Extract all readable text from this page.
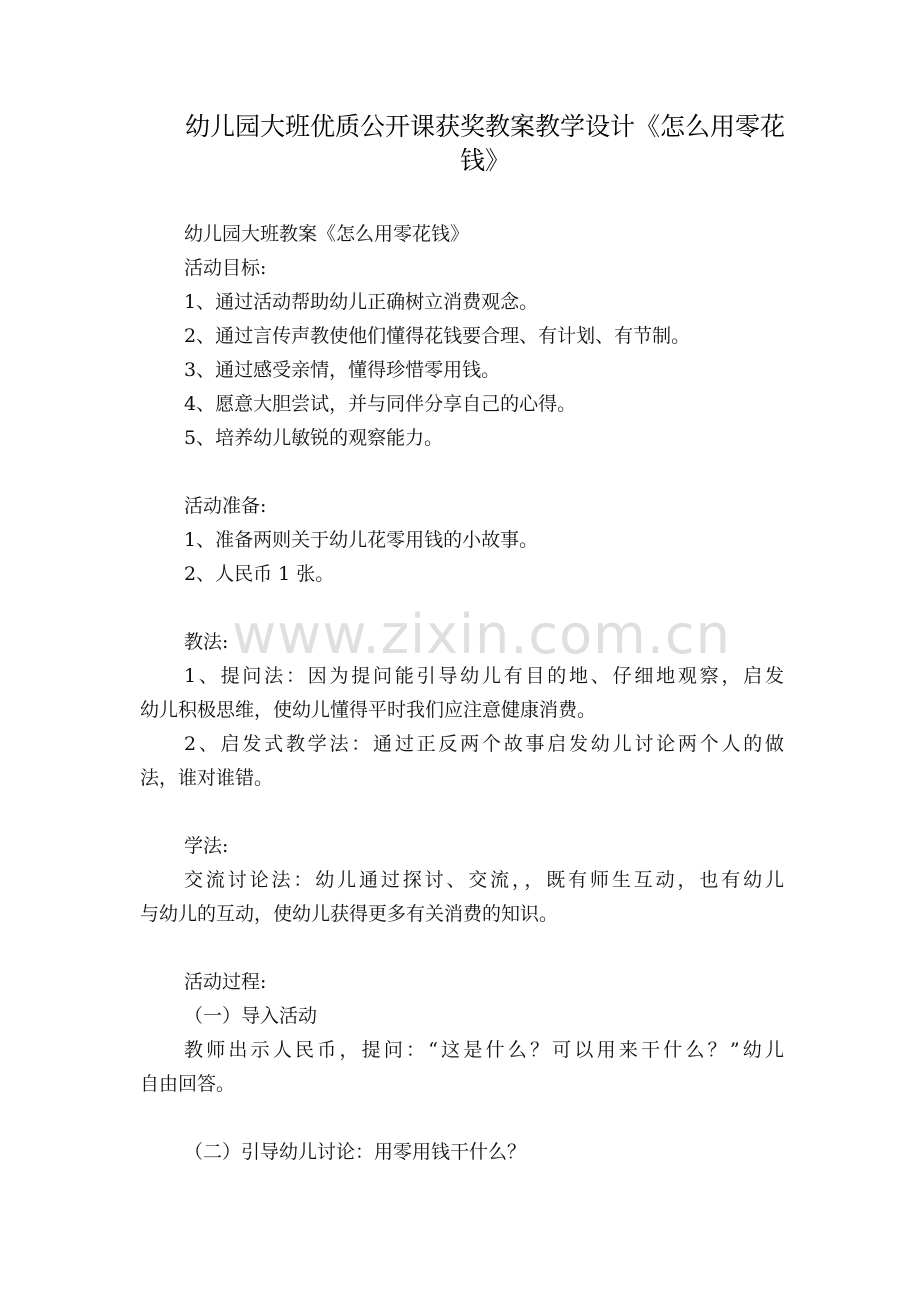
幼儿园大班优质公开课获奖教案教学设计《怎么用零花
钱》
幼儿园大班教案《怎么用零花钱》
活动目标:
1、通过活动帮助幼儿正确树立消费观念。
2、通过言传声教使他们懂得花钱要合理、有计划、有节制。
3、通过感受亲情，懂得珍惜零用钱。
4、愿意大胆尝试，并与同伴分享自己的心得。
5、培养幼儿敏锐的观察能力。
活动准备:
1、准备两则关于幼儿花零用钱的小故事。
2、人民币 1 张。
www.zixin.com.cn
教法:
1、提问法：因为提问能引导幼儿有目的地、仔细地观察，启发
幼儿积极思维，使幼儿懂得平时我们应注意健康消费。
2、启发式教学法：通过正反两个故事启发幼儿讨论两个人的做
法，谁对谁错。
学法:
交流讨论法：幼儿通过探讨、交流，，既有师生互动，也有幼儿
与幼儿的互动，使幼儿获得更多有关消费的知识。
活动过程:
（一）导入活动
教师出示人民币，提问：“这是什么？可以用来干什么？”幼儿
自由回答。
（二）引导幼儿讨论：用零用钱干什么？
